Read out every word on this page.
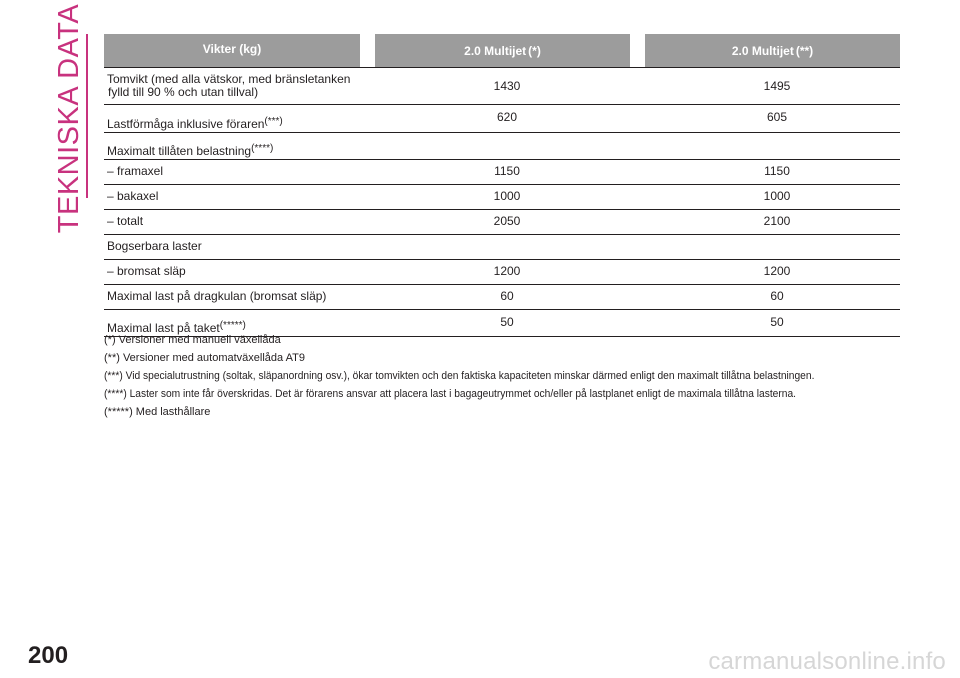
TEKNISKA DATA	Vikter (kg)	2.0 Multijet (*)	2.0 Multijet (**)
Tomvikt (med alla vätskor, med bränsletanken
fylld till 90 % och utan tillval)	1430	1495
Lastförmåga inklusive föraren(***)	620	605
Maximalt tillåten belastning(****)
– framaxel	1150	1150
– bakaxel	1000	1000
– totalt	2050	2100
Bogserbara laster
– bromsat släp	1200	1200
Maximal last på dragkulan (bromsat släp)	60	60
Maximal last på taket(*****)	50	50
(*) Versioner med manuell växellåda
(**) Versioner med automatväxellåda AT9
(***) Vid specialutrustning (soltak, släpanordning osv.), ökar tomvikten och den faktiska kapaciteten minskar därmed enligt den maximalt tillåtna belastningen.
(****) Laster som inte får överskridas. Det är förarens ansvar att placera last i bagageutrymmet och/eller på lastplanet enligt de maximala tillåtna lasterna.
(*****) Med lasthållare
200	carmanualsonline.info
